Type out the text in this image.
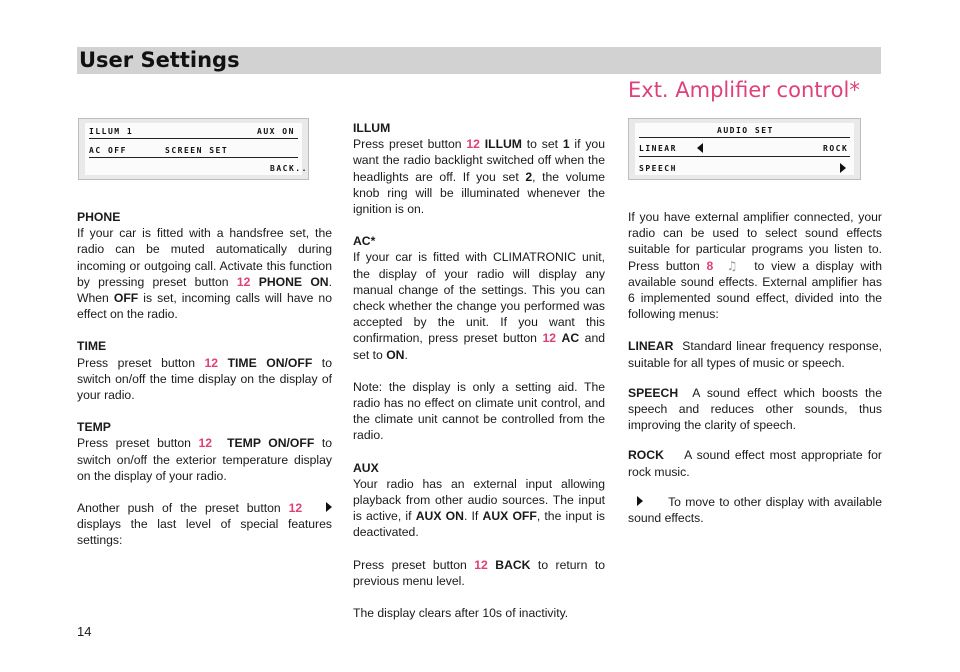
User Settings
Ext. Amplifier control*
ILLUM 1	AUX ON
AC OFF	SCREEN SET
BACK..
AUDIO SET
LINEAR	ROCK
SPEECH

PHONE
If your car is fitted with a handsfree set, the radio can be muted automatically during incoming or outgoing call. Activate this function by pressing preset button 12 PHONE ON. When OFF is set, incoming calls will have no effect on the radio.

TIME
Press preset button 12 TIME ON/OFF to switch on/off the time display on the display of your radio.

TEMP
Press preset button 12 TEMP ON/OFF to switch on/off the exterior temperature display on the display of your radio.

Another push of the preset button 12    displays the last level of special features settings:

ILLUM
Press preset button 12 ILLUM to set 1 if you want the radio backlight switched off when the headlights are off. If you set 2, the volume knob ring will be illuminated whenever the ignition is on.

AC*
If your car is fitted with CLIMATRONIC unit, the display of your radio will display any manual change of the settings. This you can check whether the change you performed was accepted by the unit. If you want this confirmation, press preset button 12 AC and set to ON.

Note: the display is only a setting aid. The radio has no effect on climate unit control, and the climate unit cannot be controlled from the radio.

AUX
Your radio has an external input allowing playback from other audio sources. The input is active, if AUX ON. If AUX OFF, the input is deactivated.

Press preset button 12 BACK to return to previous menu level.

The display clears after 10s of inactivity.

If you have external amplifier connected, your radio can be used to select sound effects suitable for particular programs you listen to. Press button 8 ♫  to view a display with available sound effects. External amplifier has 6 implemented sound effect, divided into the following menus:

LINEAR Standard linear frequency response, suitable for all types of music or speech.
SPEECH A sound effect which boosts the speech and reduces other sounds, thus improving the clarity of speech.
ROCK A sound effect most appropriate for rock music.
To move to other display with available sound effects.
14
